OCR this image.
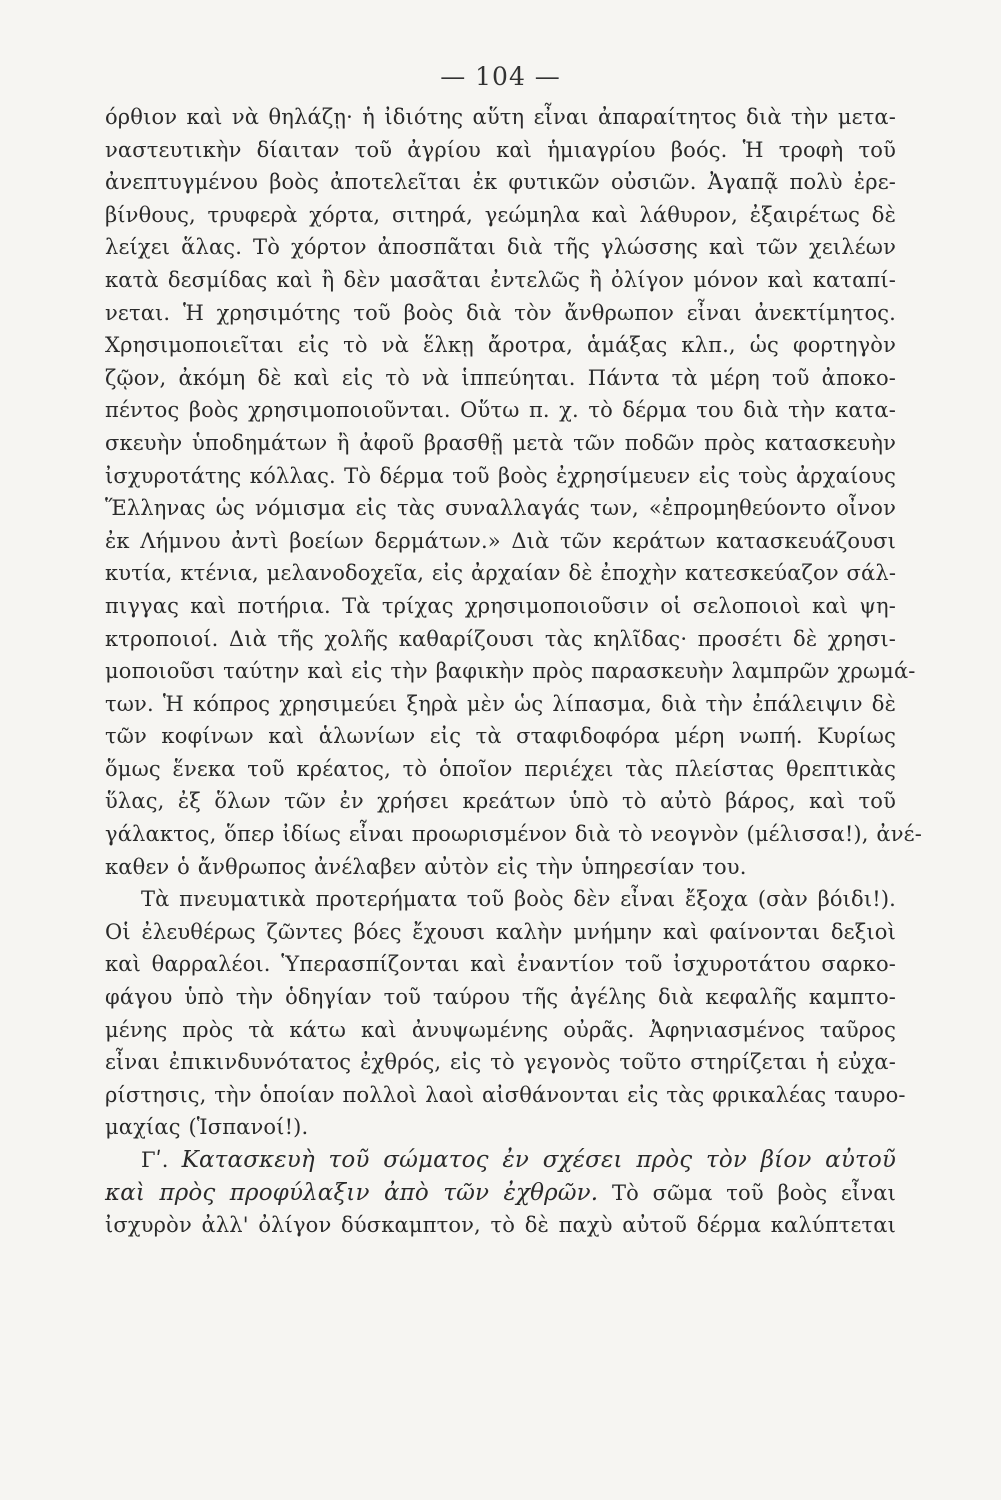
— 104 —
όρθιον καὶ νὰ θηλάζῃ· ἡ ἰδιότης αὕτη εἶναι ἀπαραίτητος διὰ τὴν μετα-
ναστευτικὴν δίαιταν τοῦ ἀγρίου καὶ ἡμιαγρίου βοός. Ἡ τροφὴ τοῦ
ἀνεπτυγμένου βοὸς ἀποτελεῖται ἐκ φυτικῶν οὐσιῶν. Ἀγαπᾷ πολὺ ἐρε-
βίνθους, τρυφερὰ χόρτα, σιτηρά, γεώμηλα καὶ λάθυρον, ἐξαιρέτως δὲ
λείχει ἅλας. Τὸ χόρτον ἀποσπᾶται διὰ τῆς γλώσσης καὶ τῶν χειλέων
κατὰ δεσμίδας καὶ ἢ δὲν μασᾶται ἐντελῶς ἢ ὀλίγον μόνον καὶ καταπί-
νεται. Ἡ χρησιμότης τοῦ βοὸς διὰ τὸν ἄνθρωπον εἶναι ἀνεκτίμητος.
Χρησιμοποιεῖται εἰς τὸ νὰ ἕλκῃ ἄροτρα, ἁμάξας κλπ., ὡς φορτηγὸν
ζῷον, ἀκόμη δὲ καὶ εἰς τὸ νὰ ἱππεύηται. Πάντα τὰ μέρη τοῦ ἀποκο-
πέντος βοὸς χρησιμοποιοῦνται. Οὕτω π. χ. τὸ δέρμα του διὰ τὴν κατα-
σκευὴν ὑποδημάτων ἢ ἀφοῦ βρασθῇ μετὰ τῶν ποδῶν πρὸς κατασκευὴν
ἰσχυροτάτης κόλλας. Τὸ δέρμα τοῦ βοὸς ἐχρησίμευεν εἰς τοὺς ἀρχαίους
Ἕλληνας ὡς νόμισμα εἰς τὰς συναλλαγάς των, «ἐπρομηθεύοντο οἶνον
ἐκ Λήμνου ἀντὶ βοείων δερμάτων.» Διὰ τῶν κεράτων κατασκευάζουσι
κυτία, κτένια, μελανοδοχεῖα, εἰς ἀρχαίαν δὲ ἐποχὴν κατεσκεύαζον σάλ-
πιγγας καὶ ποτήρια. Τὰ τρίχας χρησιμοποιοῦσιν οἱ σελοποιοὶ καὶ ψη-
κτροποιοί. Διὰ τῆς χολῆς καθαρίζουσι τὰς κηλῖδας· προσέτι δὲ χρησι-
μοποιοῦσι ταύτην καὶ εἰς τὴν βαφικὴν πρὸς παρασκευὴν λαμπρῶν χρωμά-
των. Ἡ κόπρος χρησιμεύει ξηρὰ μὲν ὡς λίπασμα, διὰ τὴν ἐπάλειψιν δὲ
τῶν κοφίνων καὶ ἁλωνίων εἰς τὰ σταφιδοφόρα μέρη νωπή. Κυρίως
ὅμως ἕνεκα τοῦ κρέατος, τὸ ὁποῖον περιέχει τὰς πλείστας θρεπτικὰς
ὕλας, ἐξ ὅλων τῶν ἐν χρήσει κρεάτων ὑπὸ τὸ αὐτὸ βάρος, καὶ τοῦ
γάλακτος, ὅπερ ἰδίως εἶναι προωρισμένον διὰ τὸ νεογνὸν (μέλισσα!), ἀνέ-
καθεν ὁ ἄνθρωπος ἀνέλαβεν αὐτὸν εἰς τὴν ὑπηρεσίαν του.
Τὰ πνευματικὰ προτερήματα τοῦ βοὸς δὲν εἶναι ἔξοχα (σὰν βόιδι!).
Οἱ ἐλευθέρως ζῶντες βόες ἔχουσι καλὴν μνήμην καὶ φαίνονται δεξιοὶ
καὶ θαρραλέοι. Ὑπερασπίζονται καὶ ἐναντίον τοῦ ἰσχυροτάτου σαρκο-
φάγου ὑπὸ τὴν ὁδηγίαν τοῦ ταύρου τῆς ἀγέλης διὰ κεφαλῆς καμπτο-
μένης πρὸς τὰ κάτω καὶ ἀνυψωμένης οὐρᾶς. Ἀφηνιασμένος ταῦρος
εἶναι ἐπικινδυνότατος ἐχθρός, εἰς τὸ γεγονὸς τοῦτο στηρίζεται ἡ εὐχα-
ρίστησις, τὴν ὁποίαν πολλοὶ λαοὶ αἰσθάνονται εἰς τὰς φρικαλέας ταυρο-
μαχίας (Ἱσπανοί!).
Γʹ. Κατασκευὴ τοῦ σώματος ἐν σχέσει πρὸς τὸν βίον αὐτοῦ
καὶ πρὸς προφύλαξιν ἀπὸ τῶν ἐχθρῶν. Τὸ σῶμα τοῦ βοὸς εἶναι
ἰσχυρὸν ἀλλ' ὀλίγον δύσκαμπτον, τὸ δὲ παχὺ αὐτοῦ δέρμα καλύπτεται
